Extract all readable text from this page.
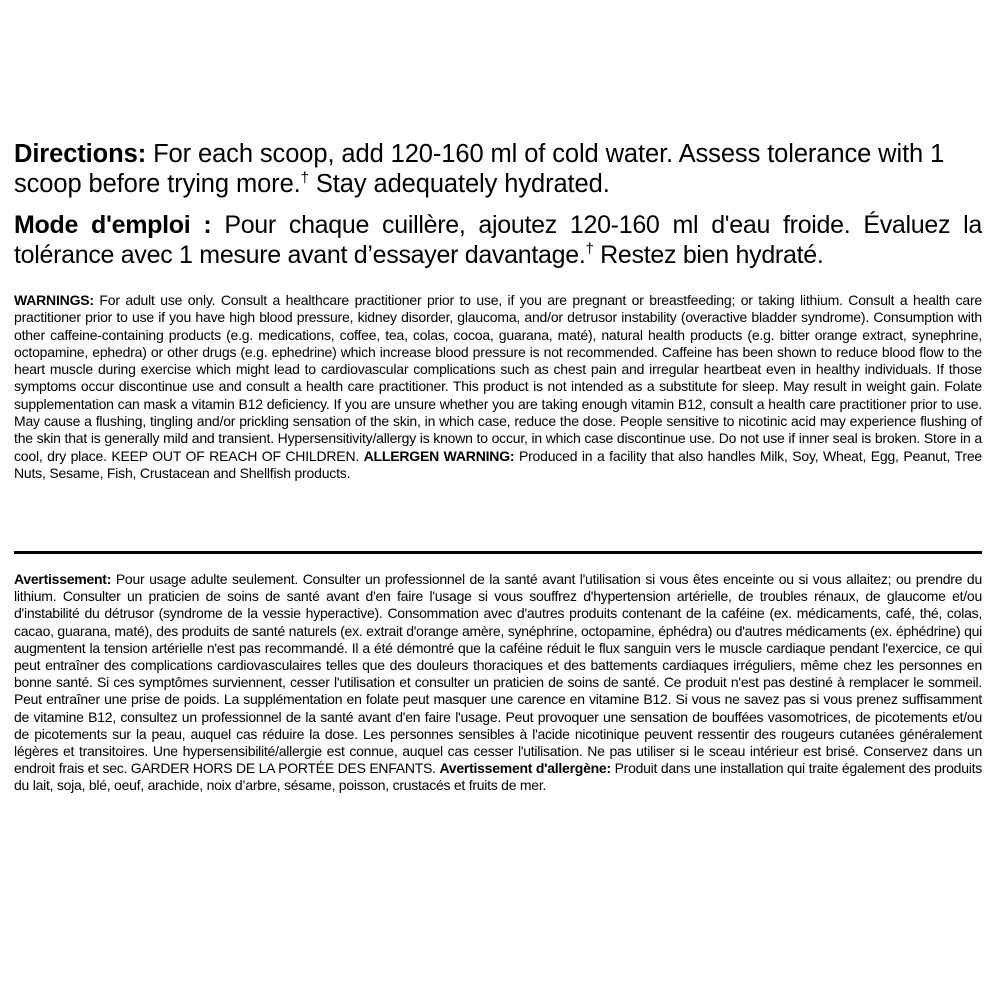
Directions: For each scoop, add 120-160 ml of cold water. Assess tolerance with 1 scoop before trying more.† Stay adequately hydrated.
Mode d'emploi : Pour chaque cuillère, ajoutez 120-160 ml d'eau froide. Évaluez la tolérance avec 1 mesure avant d’essayer davantage.† Restez bien hydraté.
WARNINGS: For adult use only. Consult a healthcare practitioner prior to use, if you are pregnant or breastfeeding; or taking lithium. Consult a health care practitioner prior to use if you have high blood pressure, kidney disorder, glaucoma, and/or detrusor instability (overactive bladder syndrome). Consumption with other caffeine-containing products (e.g. medications, coffee, tea, colas, cocoa, guarana, maté), natural health products (e.g. bitter orange extract, synephrine, octopamine, ephedra) or other drugs (e.g. ephedrine) which increase blood pressure is not recommended. Caffeine has been shown to reduce blood flow to the heart muscle during exercise which might lead to cardiovascular complications such as chest pain and irregular heartbeat even in healthy individuals. If those symptoms occur discontinue use and consult a health care practitioner. This product is not intended as a substitute for sleep. May result in weight gain. Folate supplementation can mask a vitamin B12 deficiency. If you are unsure whether you are taking enough vitamin B12, consult a health care practitioner prior to use. May cause a flushing, tingling and/or prickling sensation of the skin, in which case, reduce the dose. People sensitive to nicotinic acid may experience flushing of the skin that is generally mild and transient. Hypersensitivity/allergy is known to occur, in which case discontinue use. Do not use if inner seal is broken. Store in a cool, dry place. KEEP OUT OF REACH OF CHILDREN. ALLERGEN WARNING: Produced in a facility that also handles Milk, Soy, Wheat, Egg, Peanut, Tree Nuts, Sesame, Fish, Crustacean and Shellfish products.
Avertissement: Pour usage adulte seulement. Consulter un professionnel de la santé avant l'utilisation si vous êtes enceinte ou si vous allaitez; ou prendre du lithium. Consulter un praticien de soins de santé avant d'en faire l'usage si vous souffrez d'hypertension artérielle, de troubles rénaux, de glaucome et/ou d'instabilité du détrusor (syndrome de la vessie hyperactive). Consommation avec d'autres produits contenant de la caféine (ex. médicaments, café, thé, colas, cacao, guarana, maté), des produits de santé naturels (ex. extrait d'orange amère, synéphrine, octopamine, éphédra) ou d'autres médicaments (ex. éphédrine) qui augmentent la tension artérielle n'est pas recommandé. Il a été démontré que la caféine réduit le flux sanguin vers le muscle cardiaque pendant l'exercice, ce qui peut entraîner des complications cardiovasculaires telles que des douleurs thoraciques et des battements cardiaques irréguliers, même chez les personnes en bonne santé. Si ces symptômes surviennent, cesser l'utilisation et consulter un praticien de soins de santé. Ce produit n'est pas destiné à remplacer le sommeil. Peut entraîner une prise de poids. La supplémentation en folate peut masquer une carence en vitamine B12. Si vous ne savez pas si vous prenez suffisamment de vitamine B12, consultez un professionnel de la santé avant d'en faire l'usage. Peut provoquer une sensation de bouffées vasomotrices, de picotements et/ou de picotements sur la peau, auquel cas réduire la dose. Les personnes sensibles à l'acide nicotinique peuvent ressentir des rougeurs cutanées généralement légères et transitoires. Une hypersensibilité/allergie est connue, auquel cas cesser l'utilisation. Ne pas utiliser si le sceau intérieur est brisé. Conservez dans un endroit frais et sec. GARDER HORS DE LA PORTÉE DES ENFANTS. Avertissement d'allergène: Produit dans une installation qui traite également des produits du lait, soja, blé, oeuf, arachide, noix d’arbre, sésame, poisson, crustacés et fruits de mer.
